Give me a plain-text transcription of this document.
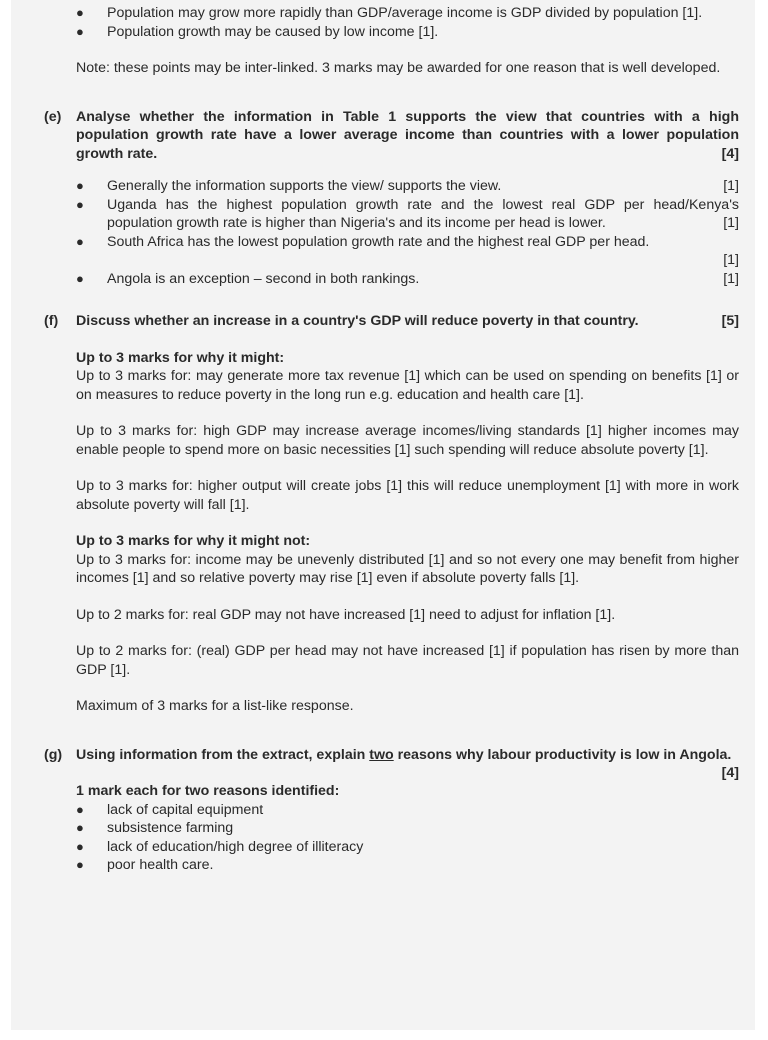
● Population may grow more rapidly than GDP/average income is GDP divided by population [1].
● Population growth may be caused by low income [1].
Note: these points may be inter-linked. 3 marks may be awarded for one reason that is well developed.
(e) Analyse whether the information in Table 1 supports the view that countries with a high population growth rate have a lower average income than countries with a lower population growth rate.	[4]
●	[1]
Generally the information supports the view/ supports the view.
● Uganda has the highest population growth rate and the lowest real GDP per head/Kenya's population growth rate is higher than Nigeria's and its income per head is lower.	[1]
● South Africa has the lowest population growth rate and the highest real GDP per head.
[1]
●	[1]
Angola is an exception – second in both rankings.
(f) Discuss whether an increase in a country's GDP will reduce poverty in that country.	[5]
Up to 3 marks for why it might:
Up to 3 marks for: may generate more tax revenue [1] which can be used on spending on benefits [1] or on measures to reduce poverty in the long run e.g. education and health care [1].
Up to 3 marks for: high GDP may increase average incomes/living standards [1] higher incomes may enable people to spend more on basic necessities [1] such spending will reduce absolute poverty [1].
Up to 3 marks for: higher output will create jobs [1] this will reduce unemployment [1] with more in work absolute poverty will fall [1].
Up to 3 marks for why it might not:
Up to 3 marks for: income may be unevenly distributed [1] and so not every one may benefit from higher incomes [1] and so relative poverty may rise [1] even if absolute poverty falls [1].
Up to 2 marks for: real GDP may not have increased [1] need to adjust for inflation [1].
Up to 2 marks for: (real) GDP per head may not have increased [1] if population has risen by more than GDP [1].
Maximum of 3 marks for a list-like response.
(g) Using information from the extract, explain two reasons why labour productivity is low in Angola.
[4]
1 mark each for two reasons identified:
● lack of capital equipment
● subsistence farming
● lack of education/high degree of illiteracy
● poor health care.
